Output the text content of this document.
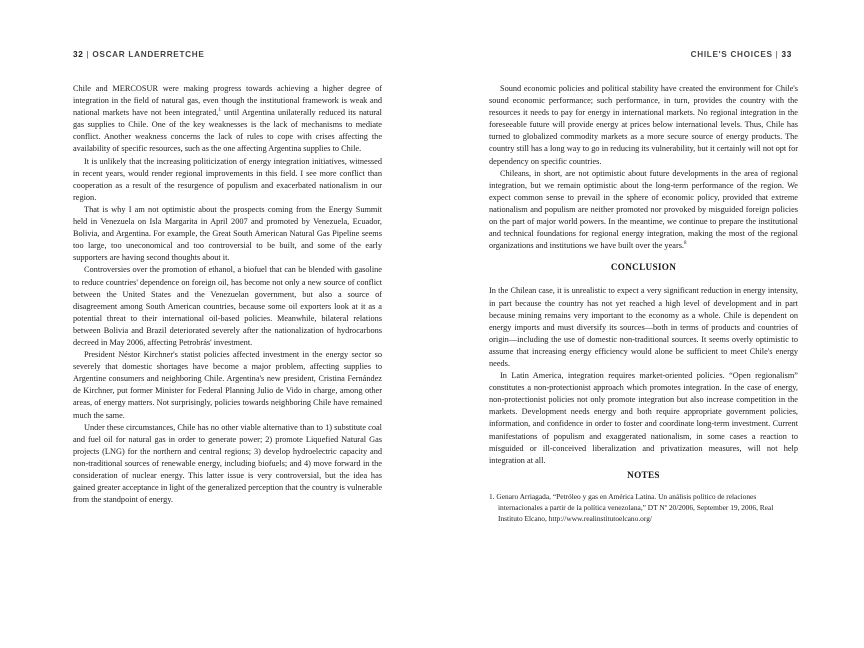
32 | OSCAR LANDERRETCHE

Chile and MERCOSUR were making progress towards achieving a higher degree of integration in the field of natural gas, even though the institutional framework is weak and national markets have not been integrated,$^1$ until Argentina unilaterally reduced its natural gas supplies to Chile. One of the key weaknesses is the lack of mechanisms to mediate conflict. Another weakness concerns the lack of rules to cope with crises affecting the availability of specific resources, such as the one affecting Argentina supplies to Chile.

It is unlikely that the increasing politicization of energy integration initiatives, witnessed in recent years, would render regional improvements in this field. I see more conflict than cooperation as a result of the resurgence of populism and exacerbated nationalism in our region.

That is why I am not optimistic about the prospects coming from the Energy Summit held in Venezuela on Isla Margarita in April 2007 and promoted by Venezuela, Ecuador, Bolivia, and Argentina. For example, the Great South American Natural Gas Pipeline seems too large, too uneconomical and too controversial to be built, and some of the early supporters are having second thoughts about it.

Controversies over the promotion of ethanol, a biofuel that can be blended with gasoline to reduce countries' dependence on foreign oil, has become not only a new source of conflict between the United States and the Venezuelan government, but also a source of disagreement among South American countries, because some oil exporters look at it as a potential threat to their international oil-based policies. Meanwhile, bilateral relations between Bolivia and Brazil deteriorated severely after the nationalization of hydrocarbons decreed in May 2006, affecting Petrobrás' investment.

President Néstor Kirchner's statist policies affected investment in the energy sector so severely that domestic shortages have become a major problem, affecting supplies to Argentine consumers and neighboring Chile. Argentina's new president, Cristina Fernández de Kirchner, put former Minister for Federal Planning Julio de Vido in charge, among other areas, of energy matters. Not surprisingly, policies towards neighboring Chile have remained much the same.

Under these circumstances, Chile has no other viable alternative than to 1) substitute coal and fuel oil for natural gas in order to generate power; 2) promote Liquefied Natural Gas projects (LNG) for the northern and central regions; 3) develop hydroelectric capacity and non-traditional sources of renewable energy, including biofuels; and 4) move forward in the consideration of nuclear energy. This latter issue is very controversial, but the idea has gained greater acceptance in light of the generalized perception that the country is vulnerable from the standpoint of energy.

CHILE'S CHOICES | 33

Sound economic policies and political stability have created the environment for Chile's sound economic performance; such performance, in turn, provides the country with the resources it needs to pay for energy in international markets. No regional integration in the foreseeable future will provide energy at prices below international levels. Thus, Chile has turned to globalized commodity markets as a more secure source of energy products. The country still has a long way to go in reducing its vulnerability, but it certainly will not opt for dependency on specific countries.

Chileans, in short, are not optimistic about future developments in the area of regional integration, but we remain optimistic about the long-term performance of the region. We expect common sense to prevail in the sphere of economic policy, provided that extreme nationalism and populism are neither promoted nor provoked by misguided foreign policies on the part of major world powers. In the meantime, we continue to prepare the institutional and technical foundations for regional energy integration, making the most of the regional organizations and institutions we have built over the years.$^8$

CONCLUSION

In the Chilean case, it is unrealistic to expect a very significant reduction in energy intensity, in part because the country has not yet reached a high level of development and in part because mining remains very important to the economy as a whole. Chile is dependent on energy imports and must diversify its sources—both in terms of products and countries of origin—including the use of domestic non-traditional sources. It seems overly optimistic to assume that increasing energy efficiency would alone be sufficient to meet Chile's energy needs.

In Latin America, integration requires market-oriented policies. “Open regionalism” constitutes a non-protectionist approach which promotes integration. In the case of energy, non-protectionist policies not only promote integration but also increase competition in the markets. Development needs energy and both require appropriate government policies, information, and confidence in order to foster and coordinate long-term investment. Current manifestations of populism and exaggerated nationalism, in some cases a reaction to misguided or ill-conceived liberalization and privatization measures, will not help integration at all.

NOTES
1. Genaro Arriagada, “Petróleo y gas en América Latina. Un análisis político de relaciones internacionales a partir de la política venezolana,” DT Nº 20/2006, September 19, 2006, Real Instituto Elcano, http://www.realinstitutoelcano.org/
